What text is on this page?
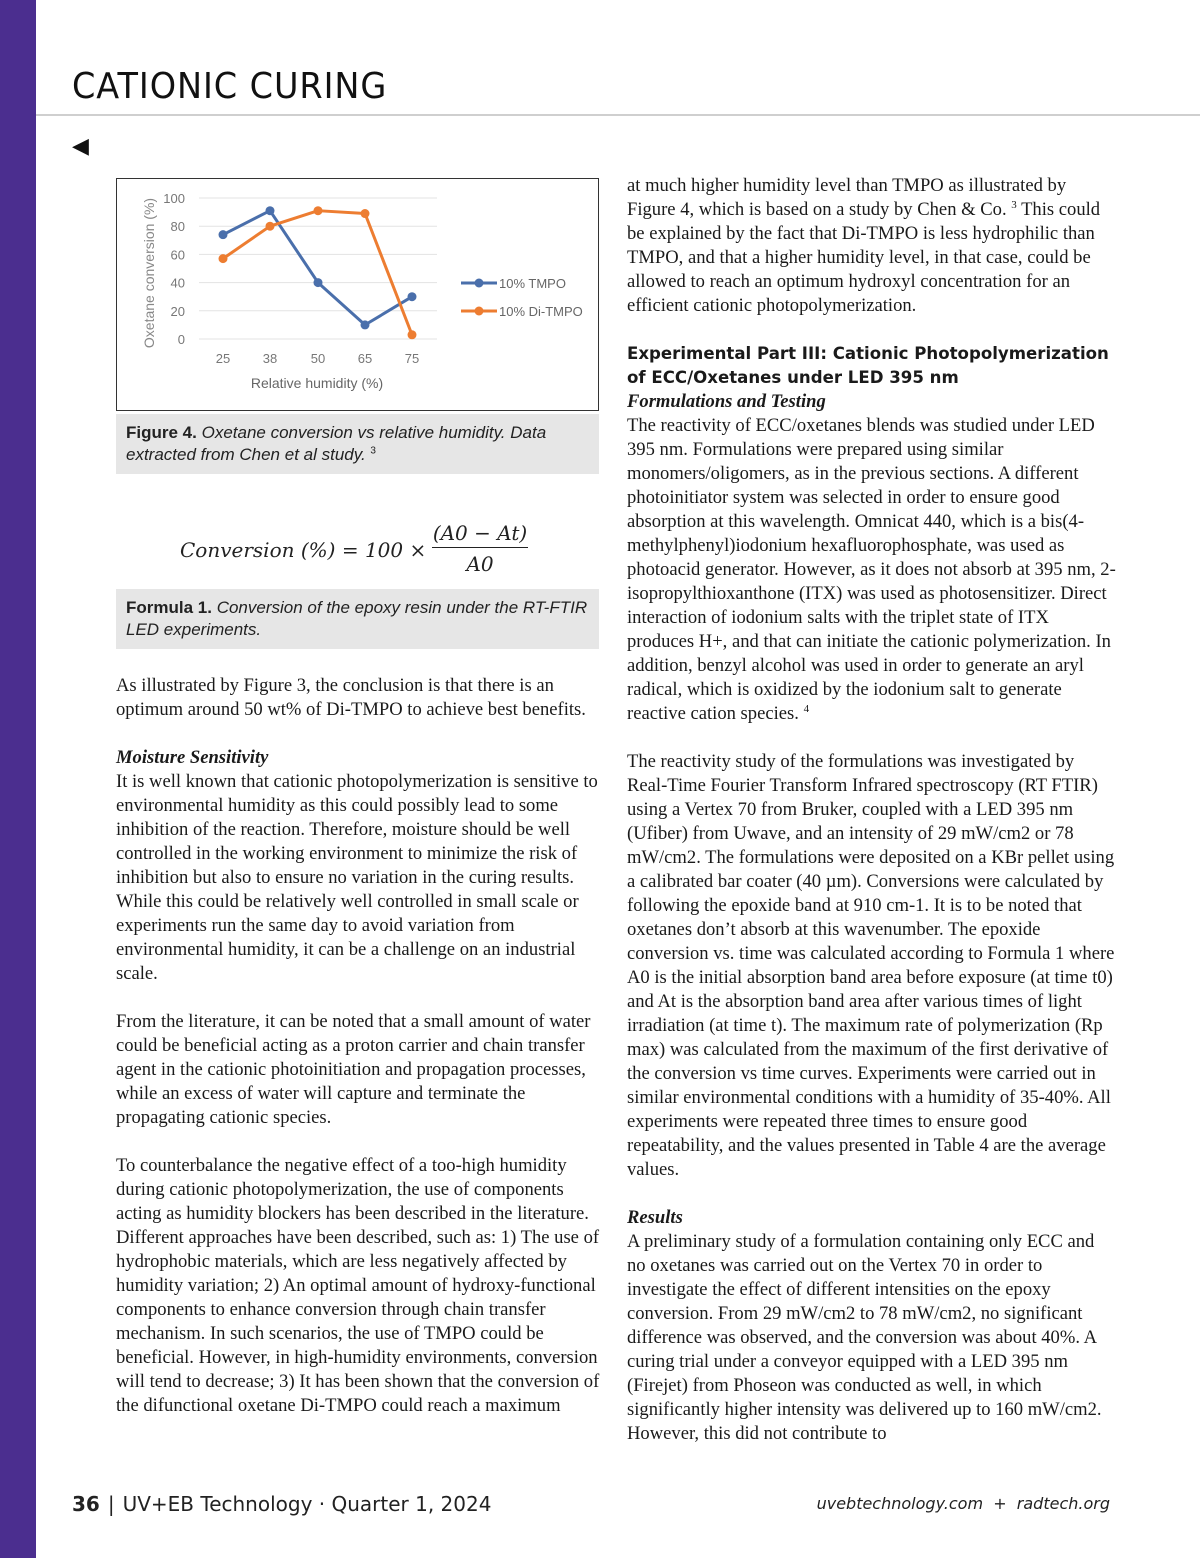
CATIONIC CURING
◀
Oxetane conversion (%)
Relative humidity (%)
100
80
60
40
20
0
25	38	50	65	75
10% TMPO
10% Di-TMPO
Figure 4. Oxetane conversion vs relative humidity. Data extracted from Chen et al study. $^3$
Conversion (%) = $100 \times \frac{(A0 - At)}{A0}$
Formula 1. Conversion of the epoxy resin under the RT-FTIR LED experiments.

As illustrated by Figure 3, the conclusion is that there is an optimum around 50 wt% of Di-TMPO to achieve best benefits.

Moisture Sensitivity

It is well known that cationic photopolymerization is sensitive to environmental humidity as this could possibly lead to some inhibition of the reaction. Therefore, moisture should be well controlled in the working environment to minimize the risk of inhibition but also to ensure no variation in the curing results. While this could be relatively well controlled in small scale or experiments run the same day to avoid variation from environmental humidity, it can be a challenge on an industrial scale.

From the literature, it can be noted that a small amount of water could be beneficial acting as a proton carrier and chain transfer agent in the cationic photoinitiation and propagation processes, while an excess of water will capture and terminate the propagating cationic species.

To counterbalance the negative effect of a too-high humidity during cationic photopolymerization, the use of components acting as humidity blockers has been described in the literature. Different approaches have been described, such as: 1) The use of hydrophobic materials, which are less negatively affected by humidity variation; 2) An optimal amount of hydroxy-functional components to enhance conversion through chain transfer mechanism. In such scenarios, the use of TMPO could be beneficial. However, in high-humidity environments, conversion will tend to decrease; 3) It has been shown that the conversion of the difunctional oxetane Di-TMPO could reach a maximum

at much higher humidity level than TMPO as illustrated by Figure 4, which is based on a study by Chen & Co. $^3$ This could be explained by the fact that Di-TMPO is less hydrophilic than TMPO, and that a higher humidity level, in that case, could be allowed to reach an optimum hydroxyl concentration for an efficient cationic photopolymerization.

Experimental Part III: Cationic Photopolymerization of ECC/Oxetanes under LED 395 nm

Formulations and Testing

The reactivity of ECC/oxetanes blends was studied under LED 395 nm. Formulations were prepared using similar monomers/oligomers, as in the previous sections. A different photoinitiator system was selected in order to ensure good absorption at this wavelength. Omnicat 440, which is a bis(4-methylphenyl)iodonium hexafluorophosphate, was used as photoacid generator. However, as it does not absorb at 395 nm, 2-isopropylthioxanthone (ITX) was used as photosensitizer. Direct interaction of iodonium salts with the triplet state of ITX produces H+, and that can initiate the cationic polymerization. In addition, benzyl alcohol was used in order to generate an aryl radical, which is oxidized by the iodonium salt to generate reactive cation species. $^4$

The reactivity study of the formulations was investigated by Real-Time Fourier Transform Infrared spectroscopy (RT FTIR) using a Vertex 70 from Bruker, coupled with a LED 395 nm (Ufiber) from Uwave, and an intensity of 29 mW/cm2 or 78 mW/cm2. The formulations were deposited on a KBr pellet using a calibrated bar coater (40 µm). Conversions were calculated by following the epoxide band at 910 cm-1. It is to be noted that oxetanes don’t absorb at this wavenumber. The epoxide conversion vs. time was calculated according to Formula 1 where A0 is the initial absorption band area before exposure (at time t0) and At is the absorption band area after various times of light irradiation (at time t). The maximum rate of polymerization (Rp max) was calculated from the maximum of the first derivative of the conversion vs time curves. Experiments were carried out in similar environmental conditions with a humidity of 35-40%. All experiments were repeated three times to ensure good repeatability, and the values presented in Table 4 are the average values.

Results

A preliminary study of a formulation containing only ECC and no oxetanes was carried out on the Vertex 70 in order to investigate the effect of different intensities on the epoxy conversion. From 29 mW/cm2 to 78 mW/cm2, no significant difference was observed, and the conversion was about 40%. A curing trial under a conveyor equipped with a LED 395 nm (Firejet) from Phoseon was conducted as well, in which significantly higher intensity was delivered up to 160 mW/cm2. However, this did not contribute to

36 | UV+EB Technology · Quarter 1, 2024	uvebtechnology.com  +  radtech.org
